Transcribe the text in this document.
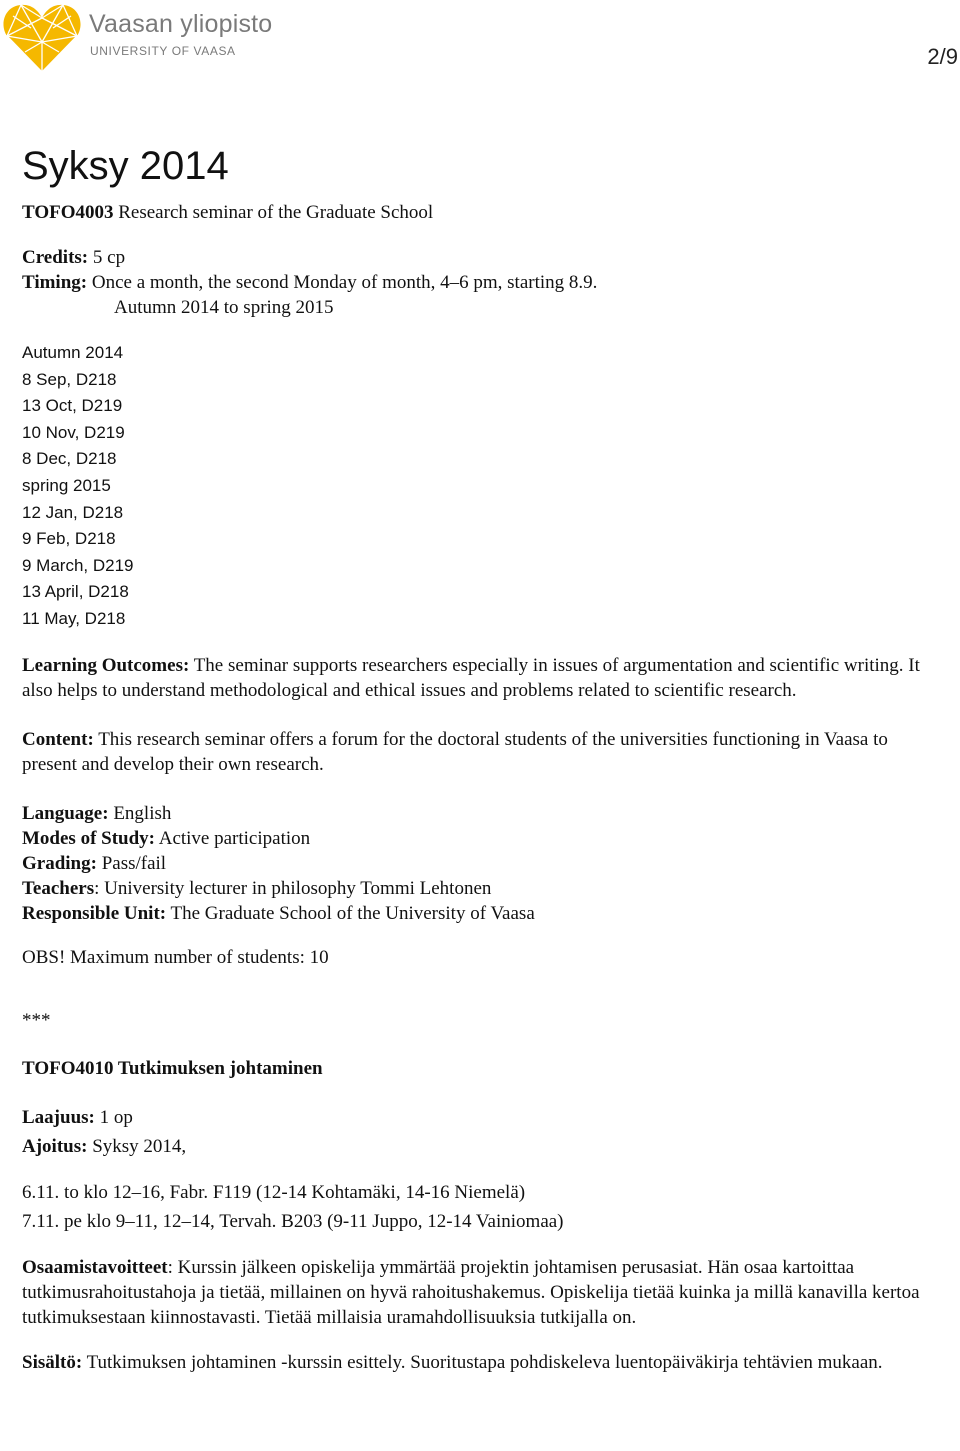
Vaasan yliopisto
UNIVERSITY OF VAASA	2/9
Syksy 2014
TOFO4003 Research seminar of the Graduate School
Credits: 5 cp
Timing: Once a month, the second Monday of month, 4–6 pm, starting 8.9.
Autumn 2014 to spring 2015
Autumn 2014
8 Sep, D218
13 Oct, D219
10 Nov, D219
8 Dec, D218
spring 2015
12 Jan, D218
9 Feb, D218
9 March, D219
13 April, D218
11 May, D218
Learning Outcomes: The seminar supports researchers especially in issues of argumentation and scientific writing. It also helps to understand methodological and ethical issues and problems related to scientific research.
Content: This research seminar offers a forum for the doctoral students of the universities functioning in Vaasa to present and develop their own research.
Language: English
Modes of Study: Active participation
Grading: Pass/fail
Teachers: University lecturer in philosophy Tommi Lehtonen
Responsible Unit: The Graduate School of the University of Vaasa
OBS! Maximum number of students: 10
***
TOFO4010 Tutkimuksen johtaminen
Laajuus: 1 op
Ajoitus: Syksy 2014,
6.11. to klo 12–16, Fabr. F119 (12-14 Kohtamäki, 14-16 Niemelä)
7.11. pe klo 9–11, 12–14, Tervah. B203 (9-11 Juppo, 12-14 Vainiomaa)
Osaamistavoitteet: Kurssin jälkeen opiskelija ymmärtää projektin johtamisen perusasiat. Hän osaa kartoittaa tutkimusrahoitustahoja ja tietää, millainen on hyvä rahoitushakemus. Opiskelija tietää kuinka ja millä kanavilla kertoa tutkimuksestaan kiinnostavasti. Tietää millaisia uramahdollisuuksia tutkijalla on.
Sisältö: Tutkimuksen johtaminen -kurssin esittely. Suoritustapa pohdiskeleva luentopäiväkirja tehtävien mukaan.
